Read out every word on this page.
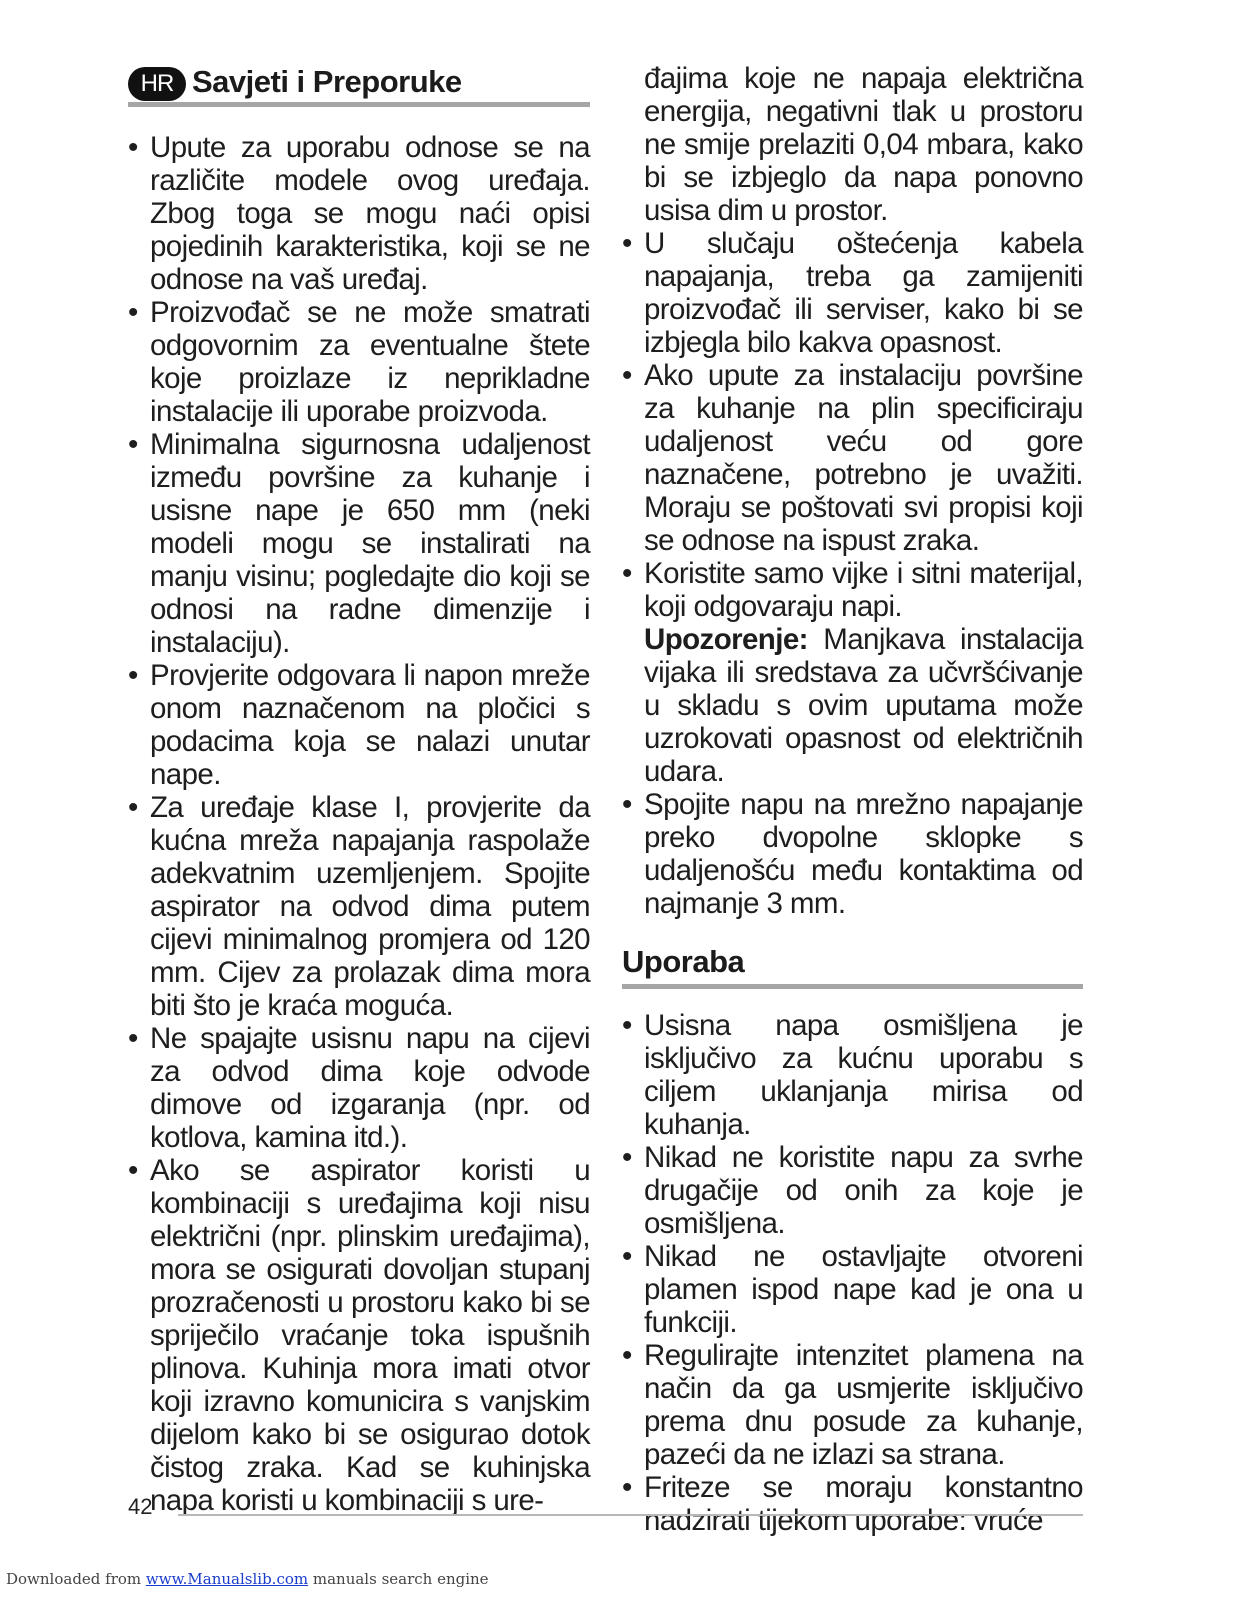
HR Savjeti i Preporuke
• Upute za uporabu odnose se na različite modele ovog uređaja. Zbog toga se mogu naći opisi pojedinih karakteristika, koji se ne odnose na vaš uređaj.
• Proizvođač se ne može smatrati odgovornim za eventualne štete koje proizlaze iz neprikladne instalacije ili uporabe proizvoda.
• Minimalna sigurnosna udaljenost između površine za kuhanje i usisne nape je 650 mm (neki modeli mogu se instalirati na manju visinu; pogledajte dio koji se odnosi na radne dimenzije i instalaciju).
• Provjerite odgovara li napon mreže onom naznačenom na pločici s podacima koja se nalazi unutar nape.
• Za uređaje klase I, provjerite da kućna mreža napajanja raspolaže adekvatnim uzemljenjem. Spojite aspirator na odvod dima putem cijevi minimalnog promjera od 120 mm. Cijev za prolazak dima mora biti što je kraća moguća.
• Ne spajajte usisnu napu na cijevi za odvod dima koje odvode dimove od izgaranja (npr. od kotlova, kamina itd.).
• Ako se aspirator koristi u kombinaciji s uređajima koji nisu električni (npr. plinskim uređajima), mora se osigurati dovoljan stupanj prozračenosti u prostoru kako bi se spriječilo vraćanje toka ispušnih plinova. Kuhinja mora imati otvor koji izravno komunicira s vanjskim dijelom kako bi se osigurao dotok čistog zraka. Kad se kuhinjska napa koristi u kombinaciji s ure-
đajima koje ne napaja električna energija, negativni tlak u prostoru ne smije prelaziti 0,04 mbara, kako bi se izbjeglo da napa ponovno usisa dim u prostor.
• U slučaju oštećenja kabela napajanja, treba ga zamijeniti proizvođač ili serviser, kako bi se izbjegla bilo kakva opasnost.
• Ako upute za instalaciju površine za kuhanje na plin specificiraju udaljenost veću od gore naznačene, potrebno je uvažiti. Moraju se poštovati svi propisi koji se odnose na ispust zraka.
• Koristite samo vijke i sitni materijal, koji odgovaraju napi.
Upozorenje: Manjkava instalacija vijaka ili sredstava za učvršćivanje u skladu s ovim uputama može uzrokovati opasnost od električnih udara.
• Spojite napu na mrežno napajanje preko dvopolne sklopke s udaljenošću među kontaktima od najmanje 3 mm.
Uporaba
• Usisna napa osmišljena je isključivo za kućnu uporabu s ciljem uklanjanja mirisa od kuhanja.
• Nikad ne koristite napu za svrhe drugačije od onih za koje je osmišljena.
• Nikad ne ostavljajte otvoreni plamen ispod nape kad je ona u funkciji.
• Regulirajte intenzitet plamena na način da ga usmjerite isključivo prema dnu posude za kuhanje, pazeći da ne izlazi sa strana.
• Friteze se moraju konstantno nadzirati tijekom uporabe: vruće
42
Downloaded from www.Manualslib.com manuals search engine
